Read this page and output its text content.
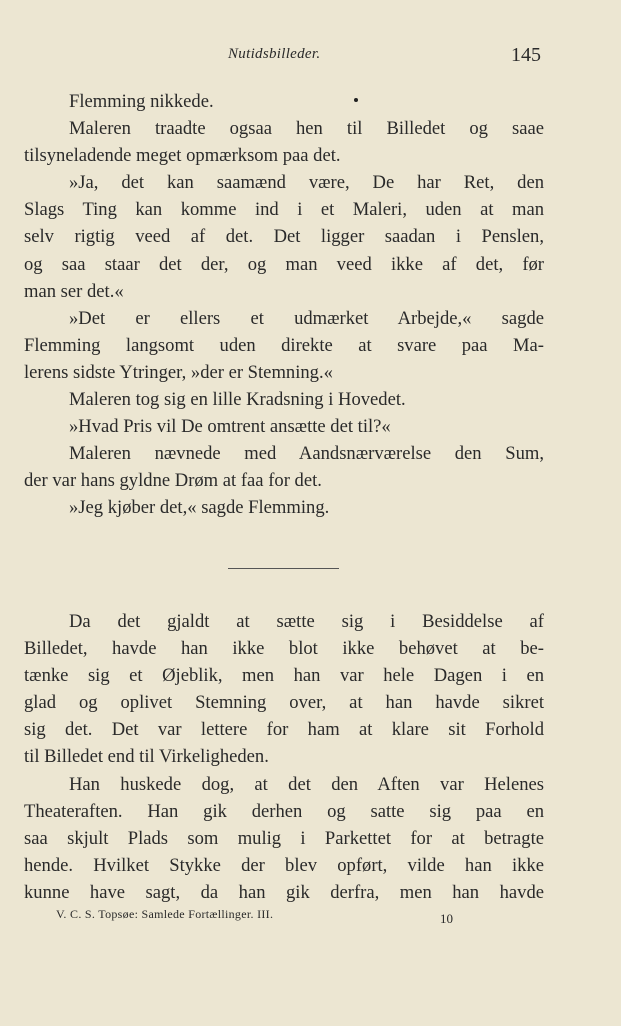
Nutidsbilleder.	145
Flemming nikkede.
Maleren traadte ogsaa hen til Billedet og saae
tilsyneladende meget opmærksom paa det.
»Ja, det kan saamænd være, De har Ret, den
Slags Ting kan komme ind i et Maleri, uden at man
selv rigtig veed af det. Det ligger saadan i Penslen,
og saa staar det der, og man veed ikke af det, før
man ser det.«
»Det er ellers et udmærket Arbejde,« sagde
Flemming langsomt uden direkte at svare paa Ma-
lerens sidste Ytringer, »der er Stemning.«
Maleren tog sig en lille Kradsning i Hovedet.
»Hvad Pris vil De omtrent ansætte det til?«
Maleren nævnede med Aandsnærværelse den Sum,
der var hans gyldne Drøm at faa for det.
»Jeg kjøber det,« sagde Flemming.
Da det gjaldt at sætte sig i Besiddelse af
Billedet, havde han ikke blot ikke behøvet at be-
tænke sig et Øjeblik, men han var hele Dagen i en
glad og oplivet Stemning over, at han havde sikret
sig det. Det var lettere for ham at klare sit Forhold
til Billedet end til Virkeligheden.
Han huskede dog, at det den Aften var Helenes
Theateraften. Han gik derhen og satte sig paa en
saa skjult Plads som mulig i Parkettet for at betragte
hende. Hvilket Stykke der blev opført, vilde han ikke
kunne have sagt, da han gik derfra, men han havde
V. C. S. Topsøe: Samlede Fortællinger. III.	10
